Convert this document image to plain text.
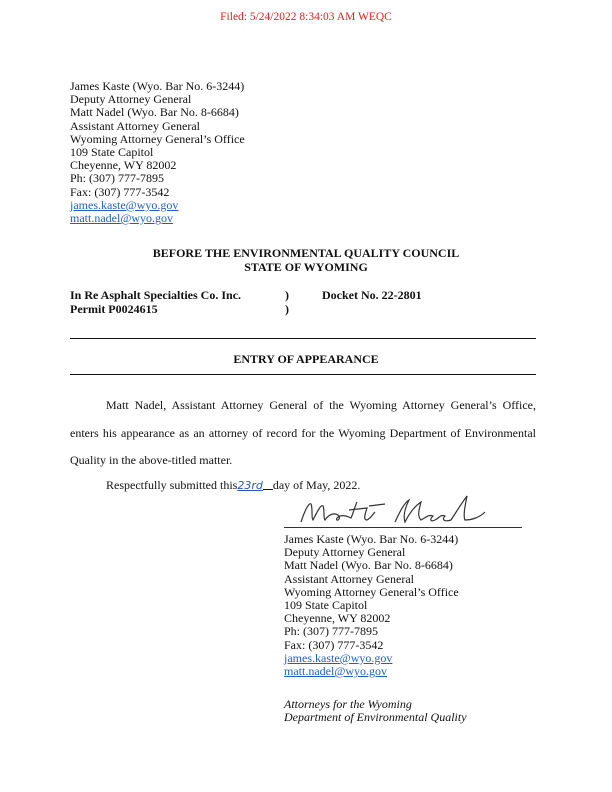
Filed: 5/24/2022 8:34:03 AM WEQC
James Kaste (Wyo. Bar No. 6-3244)
Deputy Attorney General
Matt Nadel (Wyo. Bar No. 8-6684)
Assistant Attorney General
Wyoming Attorney General’s Office
109 State Capitol
Cheyenne, WY 82002
Ph: (307) 777-7895
Fax: (307) 777-3542
james.kaste@wyo.gov
matt.nadel@wyo.gov
BEFORE THE ENVIRONMENTAL QUALITY COUNCIL
STATE OF WYOMING
In Re Asphalt Specialties Co. Inc.
Permit P0024615
)
)
Docket No. 22-2801
ENTRY OF APPEARANCE
Matt Nadel, Assistant Attorney General of the Wyoming Attorney General’s Office, enters his appearance as an attorney of record for the Wyoming Department of Environmental Quality in the above-titled matter.
Respectfully submitted this23rd day of May, 2022.
James Kaste (Wyo. Bar No. 6-3244)
Deputy Attorney General
Matt Nadel (Wyo. Bar No. 8-6684)
Assistant Attorney General
Wyoming Attorney General’s Office
109 State Capitol
Cheyenne, WY 82002
Ph: (307) 777-7895
Fax: (307) 777-3542
james.kaste@wyo.gov
matt.nadel@wyo.gov
Attorneys for the Wyoming
Department of Environmental Quality
